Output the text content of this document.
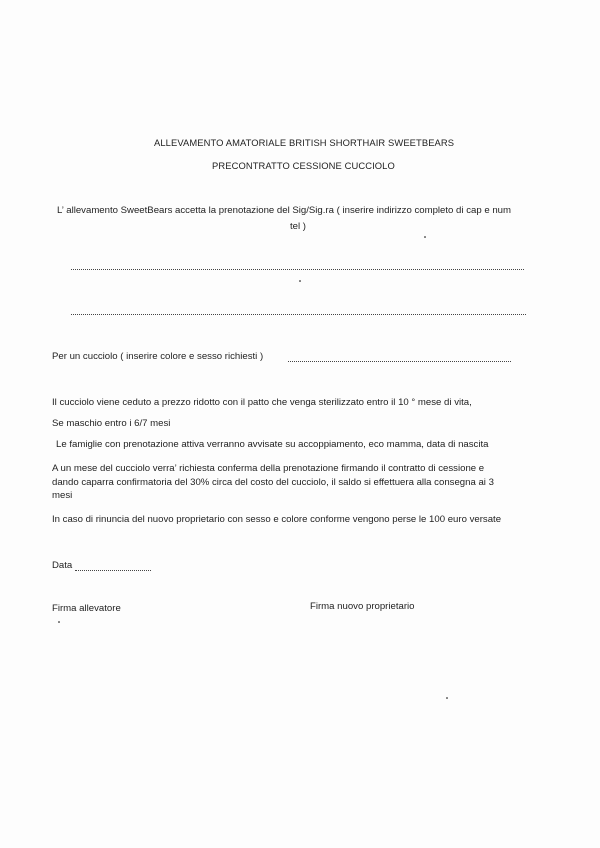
ALLEVAMENTO AMATORIALE BRITISH SHORTHAIR SWEETBEARS
PRECONTRATTO CESSIONE CUCCIOLO
L’ allevamento SweetBears accetta la prenotazione del Sig/Sig.ra ( inserire indirizzo completo di cap e num
tel )
Per un cucciolo ( inserire colore e sesso richiesti )
Il cucciolo viene ceduto a prezzo ridotto con il patto che venga sterilizzato entro il 10 ° mese di vita,
Se maschio entro i 6/7 mesi
Le famiglie con prenotazione attiva verranno avvisate su accoppiamento, eco mamma, data di nascita
A un mese del cucciolo verra’ richiesta conferma della prenotazione firmando il contratto di cessione e
dando caparra confirmatoria del 30% circa del costo del cucciolo, il saldo si effettuera alla consegna ai 3
mesi
In caso di rinuncia del nuovo proprietario con sesso e colore conforme vengono perse le 100 euro versate
Data
Firma allevatore	Firma nuovo proprietario
